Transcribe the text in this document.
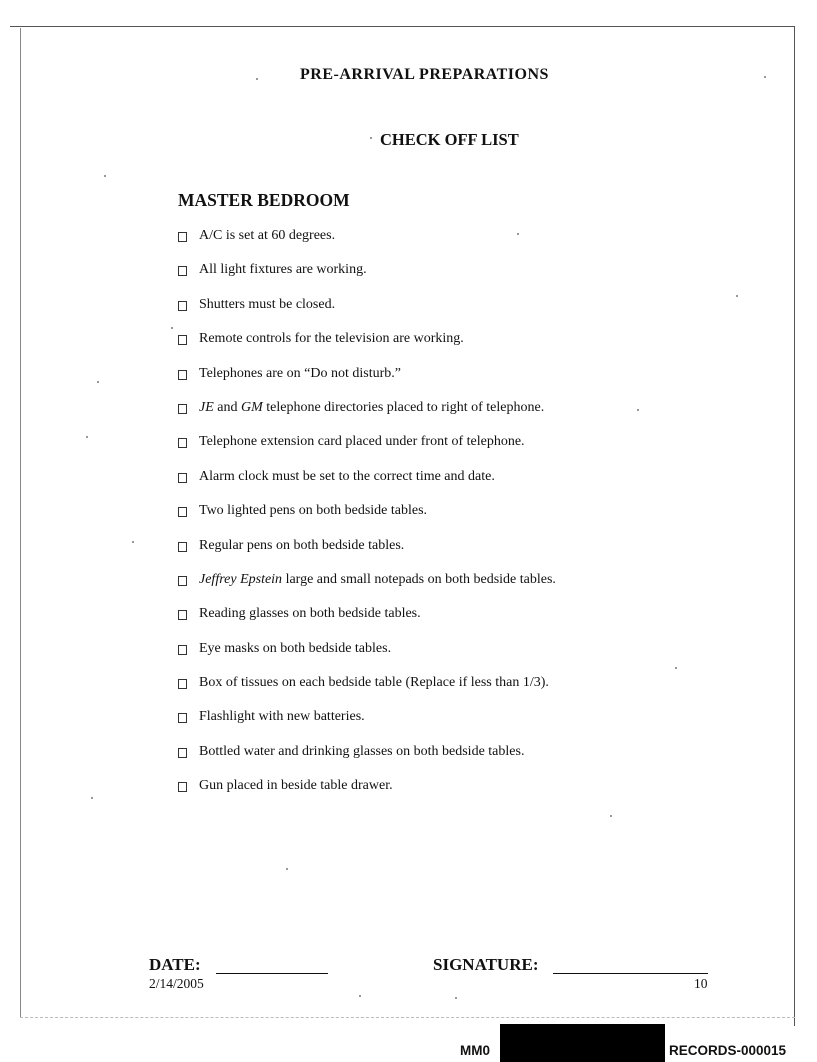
PRE-ARRIVAL PREPARATIONS
CHECK OFF LIST
MASTER BEDROOM
A/C is set at 60 degrees.
All light fixtures are working.
Shutters must be closed.
Remote controls for the television are working.
Telephones are on “Do not disturb.”
JE and GM telephone directories placed to right of telephone.
Telephone extension card placed under front of telephone.
Alarm clock must be set to the correct time and date.
Two lighted pens on both bedside tables.
Regular pens on both bedside tables.
Jeffrey Epstein large and small notepads on both bedside tables.
Reading glasses on both bedside tables.
Eye masks on both bedside tables.
Box of tissues on each bedside table (Replace if less than 1/3).
Flashlight with new batteries.
Bottled water and drinking glasses on both bedside tables.
Gun placed in beside table drawer.
DATE:	SIGNATURE:
2/14/2005	10
MM0	RECORDS-000015
